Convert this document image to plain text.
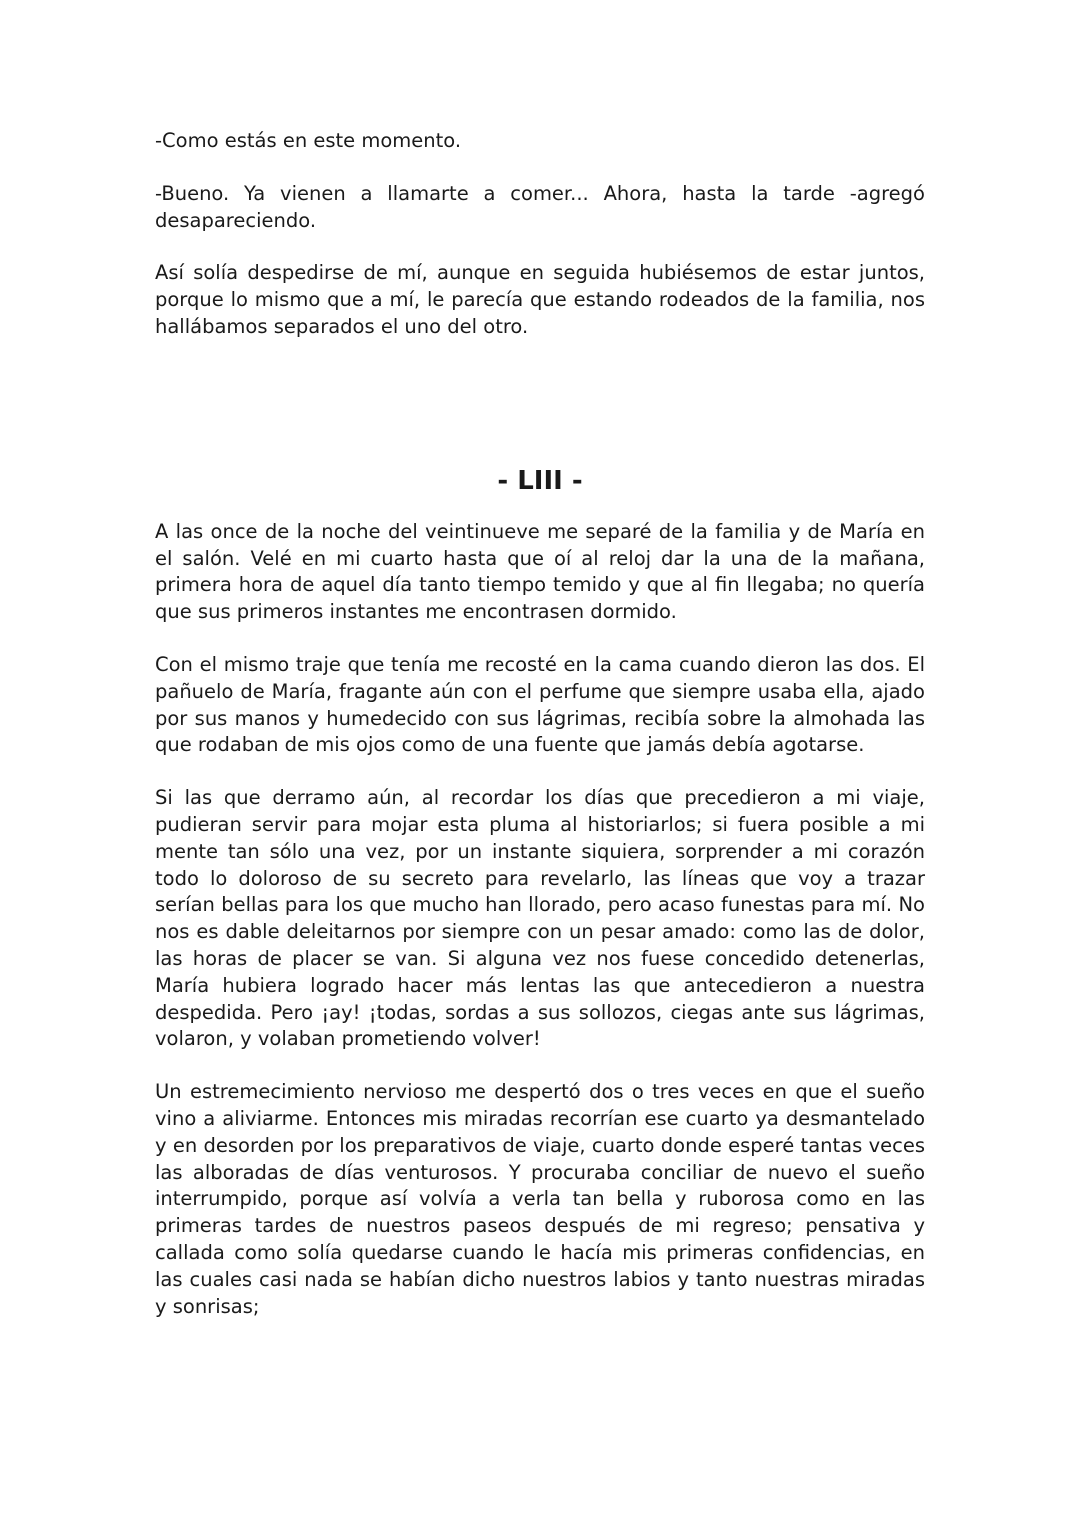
-Como estás en este momento.

-Bueno. Ya vienen a llamarte a comer... Ahora, hasta la tarde -agregó desapareciendo.

Así solía despedirse de mí, aunque en seguida hubiésemos de estar juntos, porque lo mismo que a mí, le parecía que estando rodeados de la familia, nos hallábamos separados el uno del otro.

- LIII -

A las once de la noche del veintinueve me separé de la familia y de María en el salón. Velé en mi cuarto hasta que oí al reloj dar la una de la mañana, primera hora de aquel día tanto tiempo temido y que al fin llegaba; no quería que sus primeros instantes me encontrasen dormido.

Con el mismo traje que tenía me recosté en la cama cuando dieron las dos. El pañuelo de María, fragante aún con el perfume que siempre usaba ella, ajado por sus manos y humedecido con sus lágrimas, recibía sobre la almohada las que rodaban de mis ojos como de una fuente que jamás debía agotarse.

Si las que derramo aún, al recordar los días que precedieron a mi viaje, pudieran servir para mojar esta pluma al historiarlos; si fuera posible a mi mente tan sólo una vez, por un instante siquiera, sorprender a mi corazón todo lo doloroso de su secreto para revelarlo, las líneas que voy a trazar serían bellas para los que mucho han llorado, pero acaso funestas para mí. No nos es dable deleitarnos por siempre con un pesar amado: como las de dolor, las horas de placer se van. Si alguna vez nos fuese concedido detenerlas, María hubiera logrado hacer más lentas las que antecedieron a nuestra despedida. Pero ¡ay! ¡todas, sordas a sus sollozos, ciegas ante sus lágrimas, volaron, y volaban prometiendo volver!

Un estremecimiento nervioso me despertó dos o tres veces en que el sueño vino a aliviarme. Entonces mis miradas recorrían ese cuarto ya desmantelado y en desorden por los preparativos de viaje, cuarto donde esperé tantas veces las alboradas de días venturosos. Y procuraba conciliar de nuevo el sueño interrumpido, porque así volvía a verla tan bella y ruborosa como en las primeras tardes de nuestros paseos después de mi regreso; pensativa y callada como solía quedarse cuando le hacía mis primeras confidencias, en las cuales casi nada se habían dicho nuestros labios y tanto nuestras miradas y sonrisas;
